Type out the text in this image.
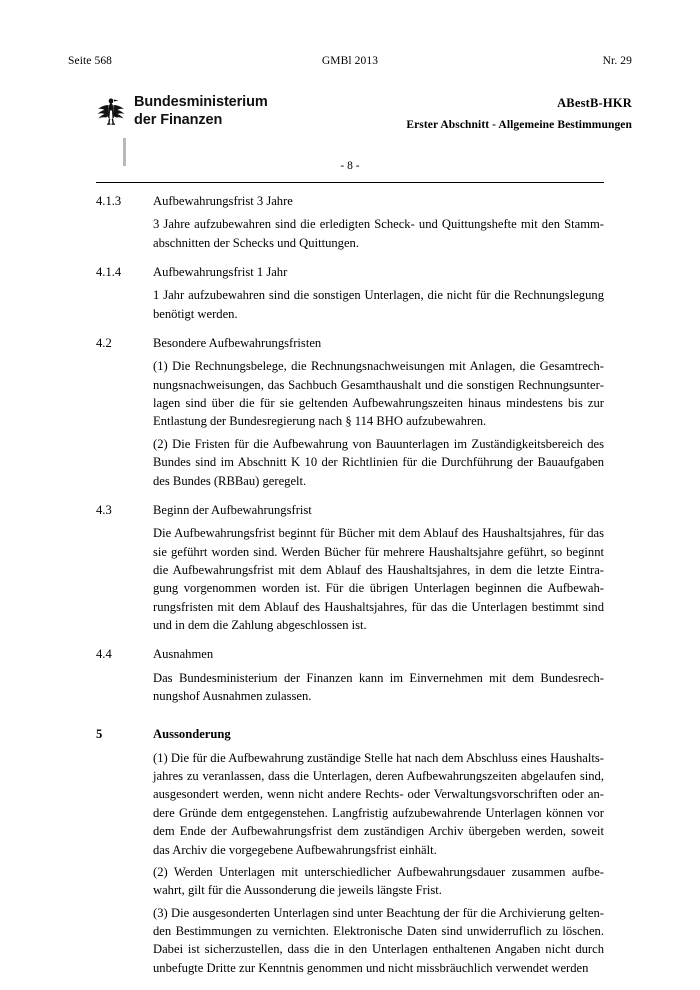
Seite 568	GMBl 2013	Nr. 29
Bundesministerium
der Finanzen
ABestB-HKR
Erster Abschnitt - Allgemeine Bestimmungen
- 8 -
4.1.3	Aufbewahrungsfrist 3 Jahre
3 Jahre aufzubewahren sind die erledigten Scheck- und Quittungshefte mit den Stammabschnitten der Schecks und Quittungen.
4.1.4	Aufbewahrungsfrist 1 Jahr
1 Jahr aufzubewahren sind die sonstigen Unterlagen, die nicht für die Rechnungslegung benötigt werden.
4.2	Besondere Aufbewahrungsfristen
(1) Die Rechnungsbelege, die Rechnungsnachweisungen mit Anlagen, die Gesamtrechnungsnachweisungen, das Sachbuch Gesamthaushalt und die sonstigen Rechnungsunterlagen sind über die für sie geltenden Aufbewahrungszeiten hinaus mindestens bis zur Entlastung der Bundesregierung nach § 114 BHO aufzubewahren.
(2) Die Fristen für die Aufbewahrung von Bauunterlagen im Zuständigkeitsbereich des Bundes sind im Abschnitt K 10 der Richtlinien für die Durchführung der Bauaufgaben des Bundes (RBBau) geregelt.
4.3	Beginn der Aufbewahrungsfrist
Die Aufbewahrungsfrist beginnt für Bücher mit dem Ablauf des Haushaltsjahres, für das sie geführt worden sind. Werden Bücher für mehrere Haushaltsjahre geführt, so beginnt die Aufbewahrungsfrist mit dem Ablauf des Haushaltsjahres, in dem die letzte Eintragung vorgenommen worden ist. Für die übrigen Unterlagen beginnen die Aufbewahrungsfristen mit dem Ablauf des Haushaltsjahres, für das die Unterlagen bestimmt sind und in dem die Zahlung abgeschlossen ist.
4.4	Ausnahmen
Das Bundesministerium der Finanzen kann im Einvernehmen mit dem Bundesrechnungshof Ausnahmen zulassen.
5	Aussonderung
(1) Die für die Aufbewahrung zuständige Stelle hat nach dem Abschluss eines Haushaltsjahres zu veranlassen, dass die Unterlagen, deren Aufbewahrungszeiten abgelaufen sind, ausgesondert werden, wenn nicht andere Rechts- oder Verwaltungsvorschriften oder andere Gründe dem entgegenstehen. Langfristig aufzubewahrende Unterlagen können vor dem Ende der Aufbewahrungsfrist dem zuständigen Archiv übergeben werden, soweit das Archiv die vorgegebene Aufbewahrungsfrist einhält.
(2) Werden Unterlagen mit unterschiedlicher Aufbewahrungsdauer zusammen aufbewahrt, gilt für die Aussonderung die jeweils längste Frist.
(3) Die ausgesonderten Unterlagen sind unter Beachtung der für die Archivierung geltenden Bestimmungen zu vernichten. Elektronische Daten sind unwiderruflich zu löschen. Dabei ist sicherzustellen, dass die in den Unterlagen enthaltenen Angaben nicht durch unbefugte Dritte zur Kenntnis genommen und nicht missbräuchlich verwendet werden
